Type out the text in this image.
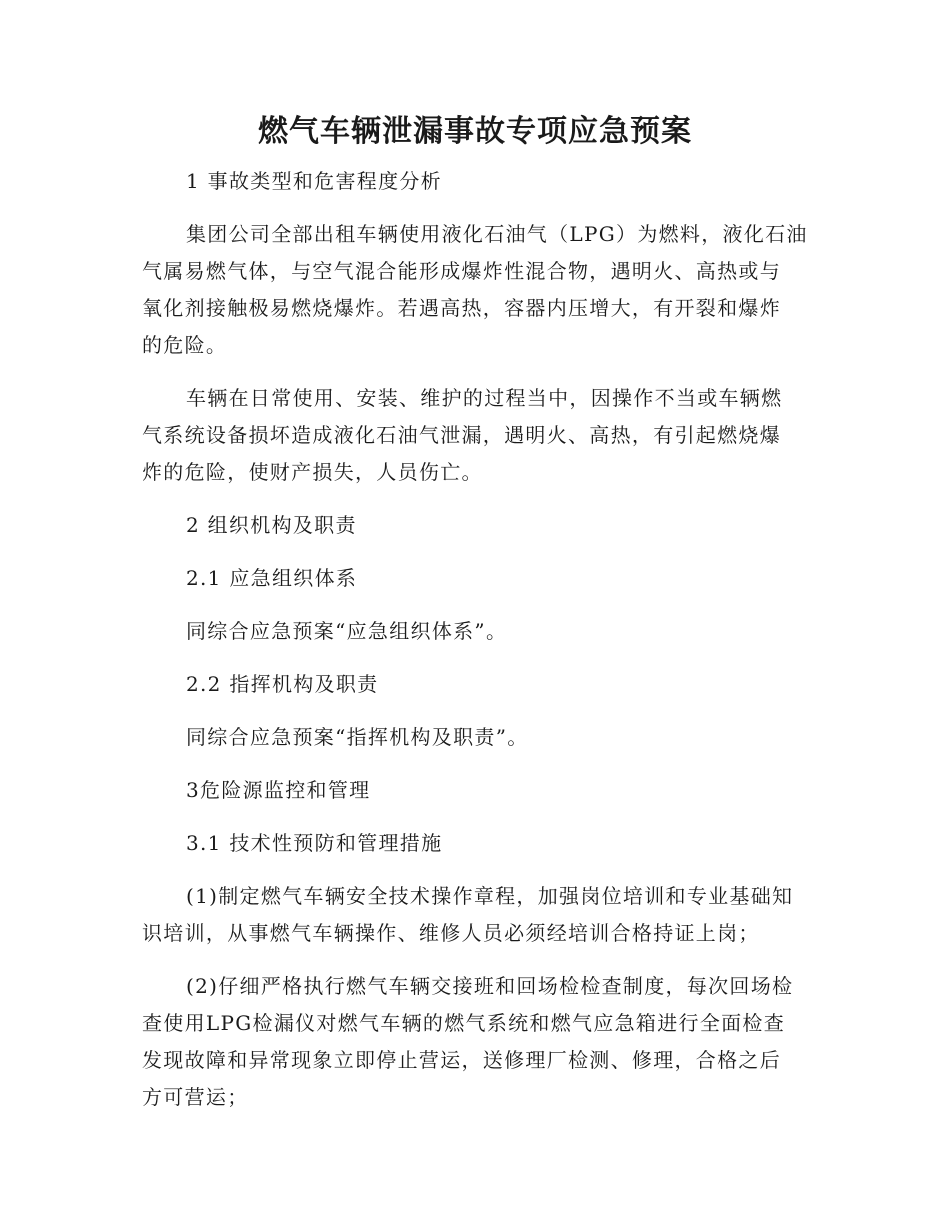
燃气车辆泄漏事故专项应急预案
1 事故类型和危害程度分析
集团公司全部出租车辆使用液化石油气（LPG）为燃料，液化石油
气属易燃气体，与空气混合能形成爆炸性混合物，遇明火、高热或与
氧化剂接触极易燃烧爆炸。若遇高热，容器内压增大，有开裂和爆炸
的危险。
车辆在日常使用、安装、维护的过程当中，因操作不当或车辆燃
气系统设备损坏造成液化石油气泄漏，遇明火、高热，有引起燃烧爆
炸的危险，使财产损失，人员伤亡。
2 组织机构及职责
2.1 应急组织体系
同综合应急预案“应急组织体系”。
2.2 指挥机构及职责
同综合应急预案“指挥机构及职责”。
3危险源监控和管理
3.1 技术性预防和管理措施
(1)制定燃气车辆安全技术操作章程，加强岗位培训和专业基础知
识培训，从事燃气车辆操作、维修人员必须经培训合格持证上岗；
(2)仔细严格执行燃气车辆交接班和回场检检查制度，每次回场检
查使用LPG检漏仪对燃气车辆的燃气系统和燃气应急箱进行全面检查
发现故障和异常现象立即停止营运，送修理厂检测、修理，合格之后
方可营运；
